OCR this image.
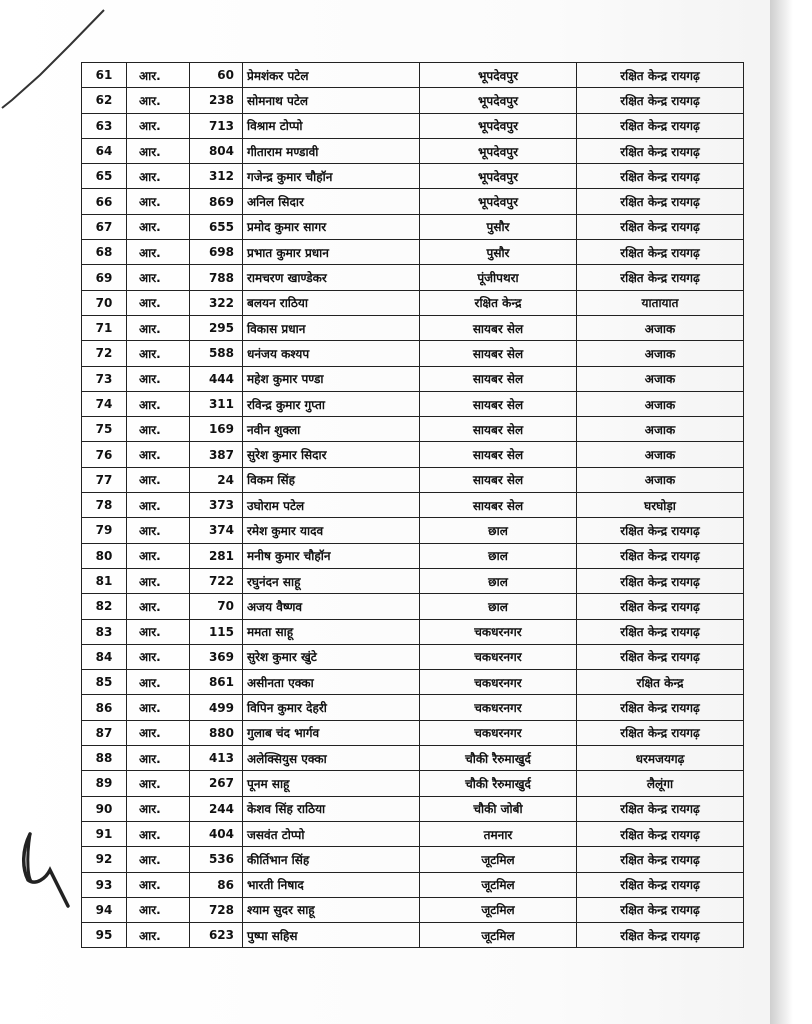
61	आर.	60	प्रेमशंकर पटेल	भूपदेवपुर	रक्षित केन्द्र रायगढ़
62	आर.	238	सोमनाथ पटेल	भूपदेवपुर	रक्षित केन्द्र रायगढ़
63	आर.	713	विश्राम टोप्पो	भूपदेवपुर	रक्षित केन्द्र रायगढ़
64	आर.	804	गीताराम मण्डावी	भूपदेवपुर	रक्षित केन्द्र रायगढ़
65	आर.	312	गजेन्द्र कुमार चौहॉन	भूपदेवपुर	रक्षित केन्द्र रायगढ़
66	आर.	869	अनिल सिदार	भूपदेवपुर	रक्षित केन्द्र रायगढ़
67	आर.	655	प्रमोद कुमार सागर	पुसौर	रक्षित केन्द्र रायगढ़
68	आर.	698	प्रभात कुमार प्रधान	पुसौर	रक्षित केन्द्र रायगढ़
69	आर.	788	रामचरण खाण्डेकर	पूंजीपथरा	रक्षित केन्द्र रायगढ़
70	आर.	322	बलयन राठिया	रक्षित केन्द्र	यातायात
71	आर.	295	विकास प्रधान	सायबर सेल	अजाक
72	आर.	588	धनंजय कश्यप	सायबर सेल	अजाक
73	आर.	444	महेश कुमार पण्डा	सायबर सेल	अजाक
74	आर.	311	रविन्द्र कुमार गुप्ता	सायबर सेल	अजाक
75	आर.	169	नवीन शुक्ला	सायबर सेल	अजाक
76	आर.	387	सुरेश कुमार सिदार	सायबर सेल	अजाक
77	आर.	24	विकम सिंह	सायबर सेल	अजाक
78	आर.	373	उघोराम पटेल	सायबर सेल	घरघोड़ा
79	आर.	374	रमेश कुमार यादव	छाल	रक्षित केन्द्र रायगढ़
80	आर.	281	मनीष कुमार चौहॉन	छाल	रक्षित केन्द्र रायगढ़
81	आर.	722	रघुनंदन साहू	छाल	रक्षित केन्द्र रायगढ़
82	आर.	70	अजय वैष्णव	छाल	रक्षित केन्द्र रायगढ़
83	आर.	115	ममता साहू	चकधरनगर	रक्षित केन्द्र रायगढ़
84	आर.	369	सुरेश कुमार खुंटे	चकधरनगर	रक्षित केन्द्र रायगढ़
85	आर.	861	असीनता एक्का	चकधरनगर	रक्षित केन्द्र
86	आर.	499	विपिन कुमार देहरी	चकधरनगर	रक्षित केन्द्र रायगढ़
87	आर.	880	गुलाब चंद भार्गव	चकधरनगर	रक्षित केन्द्र रायगढ़
88	आर.	413	अलेक्सियुस एक्का	चौकी रैरुमाखुर्द	धरमजयगढ़
89	आर.	267	पूनम साहू	चौकी रैरुमाखुर्द	लैलूंगा
90	आर.	244	केशव सिंह राठिया	चौकी जोबी	रक्षित केन्द्र रायगढ़
91	आर.	404	जसवंत टोप्पो	तमनार	रक्षित केन्द्र रायगढ़
92	आर.	536	कीर्तिभान सिंह	जूटमिल	रक्षित केन्द्र रायगढ़
93	आर.	86	भारती निषाद	जूटमिल	रक्षित केन्द्र रायगढ़
94	आर.	728	श्याम सुदर साहू	जूटमिल	रक्षित केन्द्र रायगढ़
95	आर.	623	पुष्पा सहिस	जूटमिल	रक्षित केन्द्र रायगढ़
